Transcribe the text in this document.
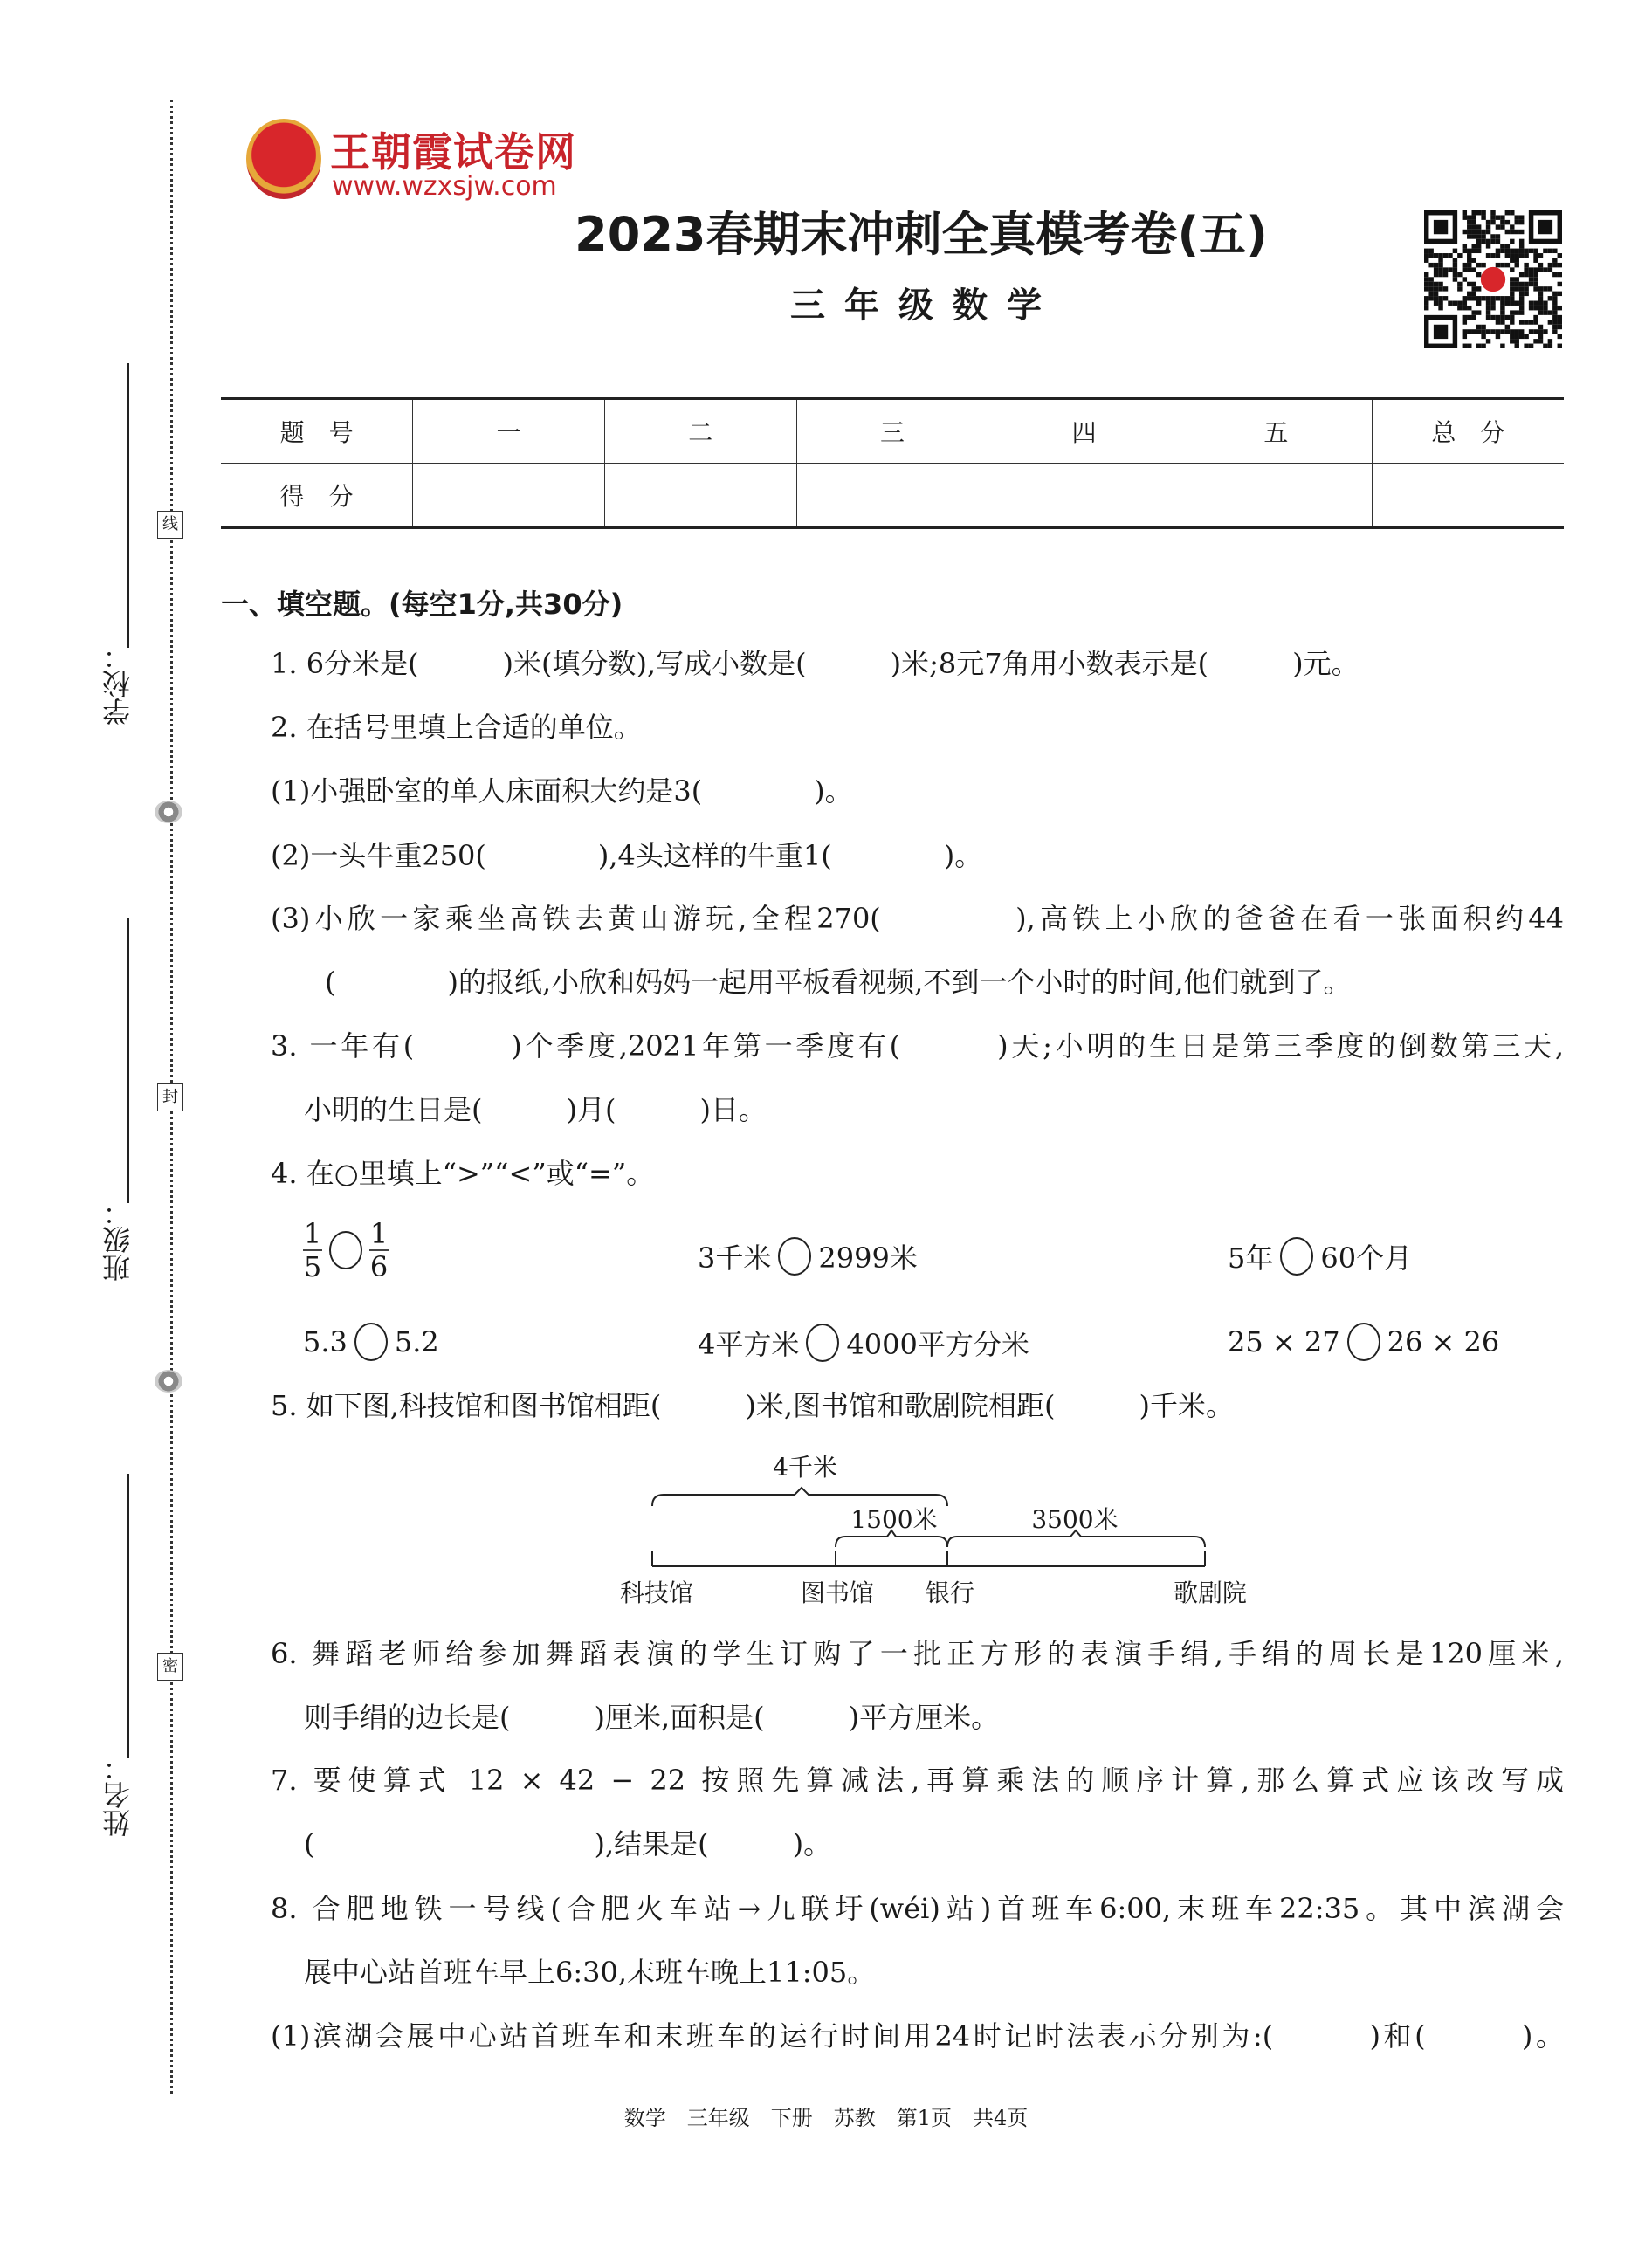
学校：
班级：
姓名：
线
封
密
王朝霞试卷网
www.wzxsjw.com
2023春期末冲刺全真模考卷(五)
三年级数学
题　号	一	二	三	四	五	总　分
得　分						
一、填空题。(每空1分,共30分)
1. 6分米是(　　　)米(填分数),写成小数是(　　　)米;8元7角用小数表示是(　　　)元。
2. 在括号里填上合适的单位。
(1)小强卧室的单人床面积大约是3(　　　　)。
(2)一头牛重250(　　　　),4头这样的牛重1(　　　　)。
(3)小欣一家乘坐高铁去黄山游玩,全程270(　　　　),高铁上小欣的爸爸在看一张面积约44
(　　　　)的报纸,小欣和妈妈一起用平板看视频,不到一个小时的时间,他们就到了。
3. 一年有(　　　)个季度,2021年第一季度有(　　　)天;小明的生日是第三季度的倒数第三天,
小明的生日是(　　　)月(　　　)日。
4. 在○里填上“>”“<”或“=”。
$\frac{1}{5} \frac{1}{6}$	3千米 2999米	5年 60个月
5.3 5.2	4平方米 4000平方分米	25 × 27 26 × 26
5. 如下图,科技馆和图书馆相距(　　　)米,图书馆和歌剧院相距(　　　)千米。
4千米
1500米	3500米
科技馆	图书馆 银行	歌剧院
6. 舞蹈老师给参加舞蹈表演的学生订购了一批正方形的表演手绢,手绢的周长是120厘米,
则手绢的边长是(　　　)厘米,面积是(　　　)平方厘米。
7. 要使算式 12 × 42 − 22 按照先算减法,再算乘法的顺序计算,那么算式应该改写成
(　　　　　　　　　　),结果是(　　　)。
8. 合肥地铁一号线(合肥火车站→九联圩(wéi)站)首班车6:00,末班车22:35。其中滨湖会
展中心站首班车早上6:30,末班车晚上11:05。
(1)滨湖会展中心站首班车和末班车的运行时间用24时记时法表示分别为:(　　　)和(　　　)。
数学　三年级　下册　苏教　第1页　共4页
